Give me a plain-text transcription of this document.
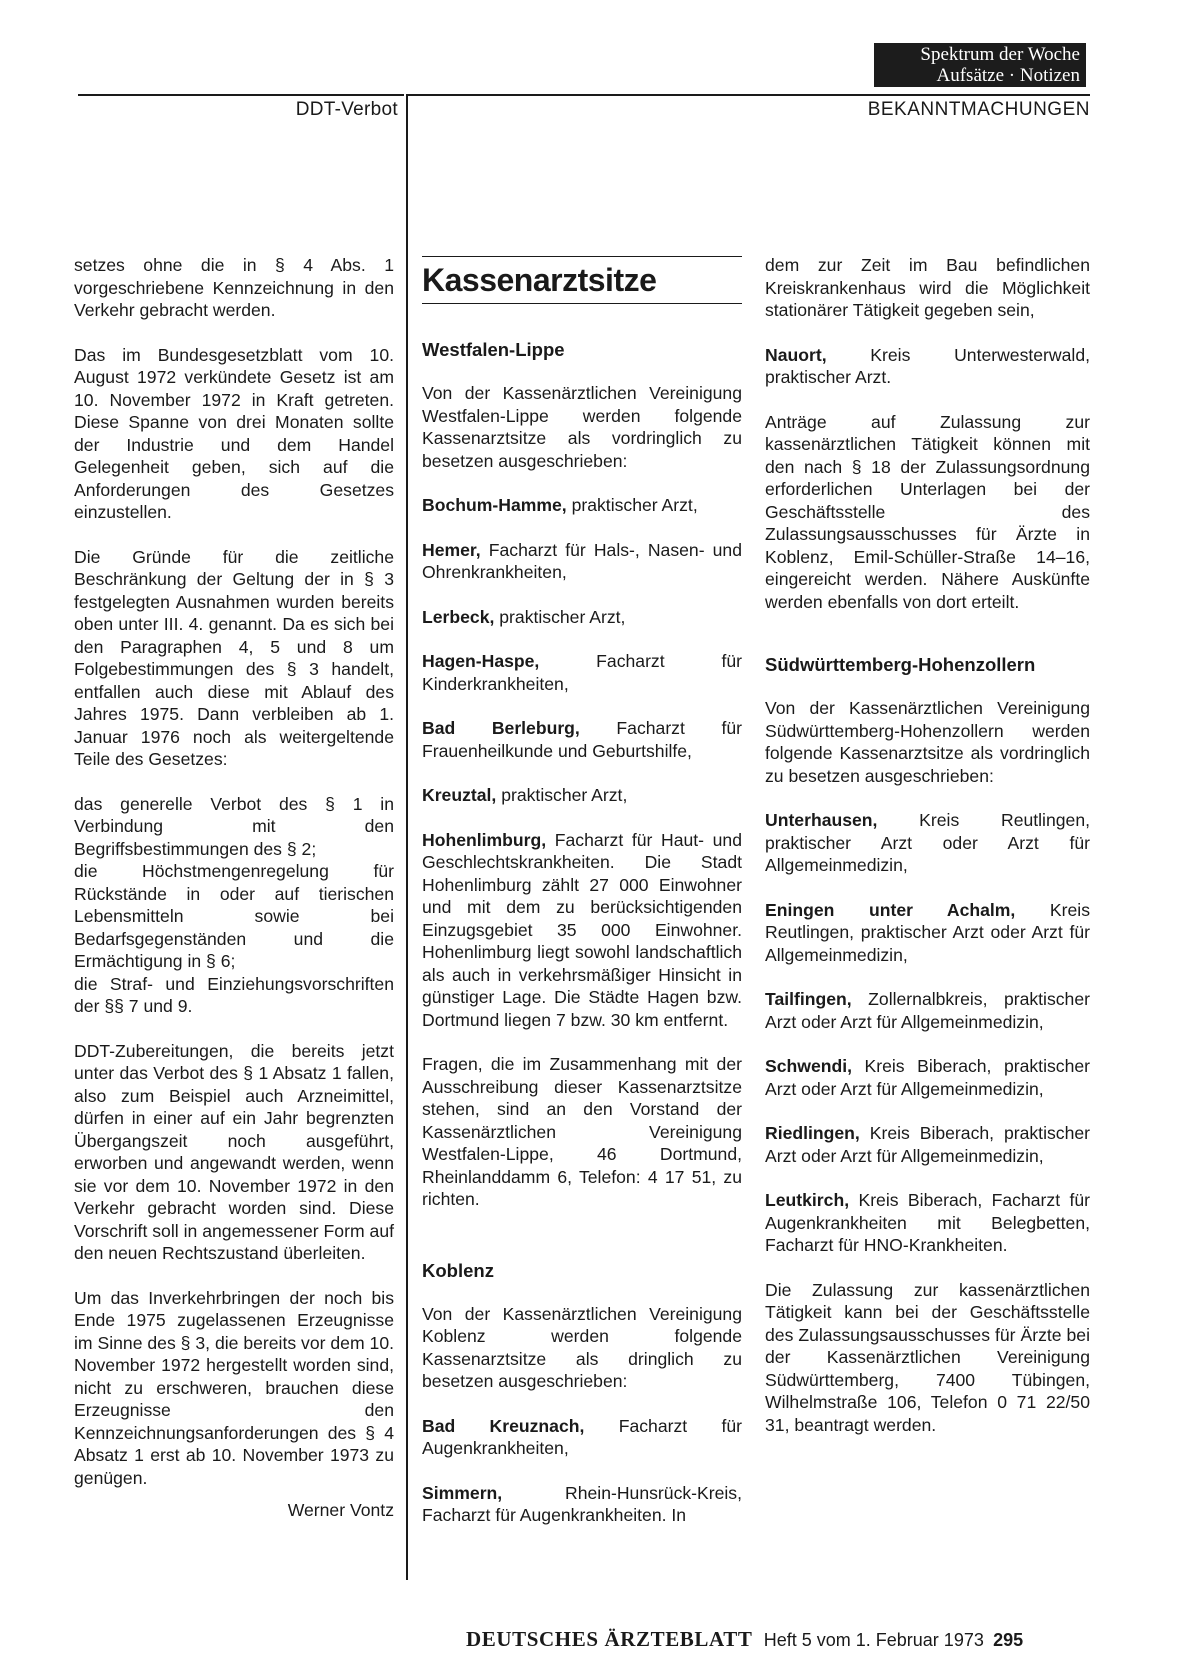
Spektrum der Woche
Aufsätze · Notizen
DDT-Verbot	BEKANNTMACHUNGEN

setzes ohne die in § 4 Abs. 1 vorgeschriebene Kennzeichnung in den Verkehr gebracht werden.

Das im Bundesgesetzblatt vom 10. August 1972 verkündete Gesetz ist am 10. November 1972 in Kraft getreten. Diese Spanne von drei Monaten sollte der Industrie und dem Handel Gelegenheit geben, sich auf die Anforderungen des Gesetzes einzustellen.

Die Gründe für die zeitliche Beschränkung der Geltung der in § 3 festgelegten Ausnahmen wurden bereits oben unter III. 4. genannt. Da es sich bei den Paragraphen 4, 5 und 8 um Folgebestimmungen des § 3 handelt, entfallen auch diese mit Ablauf des Jahres 1975. Dann verbleiben ab 1. Januar 1976 noch als weitergeltende Teile des Gesetzes:

das generelle Verbot des § 1 in Verbindung mit den Begriffsbestimmungen des § 2;
die Höchstmengenregelung für Rückstände in oder auf tierischen Lebensmitteln sowie bei Bedarfsgegenständen und die Ermächtigung in § 6;
die Straf- und Einziehungsvorschriften der §§ 7 und 9.

DDT-Zubereitungen, die bereits jetzt unter das Verbot des § 1 Absatz 1 fallen, also zum Beispiel auch Arzneimittel, dürfen in einer auf ein Jahr begrenzten Übergangszeit noch ausgeführt, erworben und angewandt werden, wenn sie vor dem 10. November 1972 in den Verkehr gebracht worden sind. Diese Vorschrift soll in angemessener Form auf den neuen Rechtszustand überleiten.

Um das Inverkehrbringen der noch bis Ende 1975 zugelassenen Erzeugnisse im Sinne des § 3, die bereits vor dem 10. November 1972 hergestellt worden sind, nicht zu erschweren, brauchen diese Erzeugnisse den Kennzeichnungsanforderungen des § 4 Absatz 1 erst ab 10. November 1973 zu genügen.

Werner Vontz
Kassenarztsitze
Westfalen-Lippe

Von der Kassenärztlichen Vereinigung Westfalen-Lippe werden folgende Kassenarztsitze als vordringlich zu besetzen ausgeschrieben:

Bochum-Hamme, praktischer Arzt,

Hemer, Facharzt für Hals-, Nasen- und Ohrenkrankheiten,

Lerbeck, praktischer Arzt,

Hagen-Haspe, Facharzt für Kinderkrankheiten,

Bad Berleburg, Facharzt für Frauenheilkunde und Geburtshilfe,

Kreuztal, praktischer Arzt,

Hohenlimburg, Facharzt für Haut- und Geschlechtskrankheiten. Die Stadt Hohenlimburg zählt 27 000 Einwohner und mit dem zu berücksichtigenden Einzugsgebiet 35 000 Einwohner. Hohenlimburg liegt sowohl landschaftlich als auch in verkehrsmäßiger Hinsicht in günstiger Lage. Die Städte Hagen bzw. Dortmund liegen 7 bzw. 30 km entfernt.

Fragen, die im Zusammenhang mit der Ausschreibung dieser Kassenarztsitze stehen, sind an den Vorstand der Kassenärztlichen Vereinigung Westfalen-Lippe, 46 Dortmund, Rheinlanddamm 6, Telefon: 4 17 51, zu richten.

Koblenz

Von der Kassenärztlichen Vereinigung Koblenz werden folgende Kassenarztsitze als dringlich zu besetzen ausgeschrieben:

Bad Kreuznach, Facharzt für Augenkrankheiten,

Simmern, Rhein-Hunsrück-Kreis, Facharzt für Augenkrankheiten. In

dem zur Zeit im Bau befindlichen Kreiskrankenhaus wird die Möglichkeit stationärer Tätigkeit gegeben sein,

Nauort, Kreis Unterwesterwald, praktischer Arzt.

Anträge auf Zulassung zur kassenärztlichen Tätigkeit können mit den nach § 18 der Zulassungsordnung erforderlichen Unterlagen bei der Geschäftsstelle des Zulassungsausschusses für Ärzte in Koblenz, Emil-Schüller-Straße 14–16, eingereicht werden. Nähere Auskünfte werden ebenfalls von dort erteilt.

Südwürttemberg-Hohenzollern

Von der Kassenärztlichen Vereinigung Südwürttemberg-Hohenzollern werden folgende Kassenarztsitze als vordringlich zu besetzen ausgeschrieben:

Unterhausen, Kreis Reutlingen, praktischer Arzt oder Arzt für Allgemeinmedizin,

Eningen unter Achalm, Kreis Reutlingen, praktischer Arzt oder Arzt für Allgemeinmedizin,

Tailfingen, Zollernalbkreis, praktischer Arzt oder Arzt für Allgemeinmedizin,

Schwendi, Kreis Biberach, praktischer Arzt oder Arzt für Allgemeinmedizin,

Riedlingen, Kreis Biberach, praktischer Arzt oder Arzt für Allgemeinmedizin,

Leutkirch, Kreis Biberach, Facharzt für Augenkrankheiten mit Belegbetten, Facharzt für HNO-Krankheiten.

Die Zulassung zur kassenärztlichen Tätigkeit kann bei der Geschäftsstelle des Zulassungsausschusses für Ärzte bei der Kassenärztlichen Vereinigung Südwürttemberg, 7400 Tübingen, Wilhelmstraße 106, Telefon 0 71 22/50 31, beantragt werden.

DEUTSCHES ÄRZTEBLATT Heft 5 vom 1. Februar 1973 295
